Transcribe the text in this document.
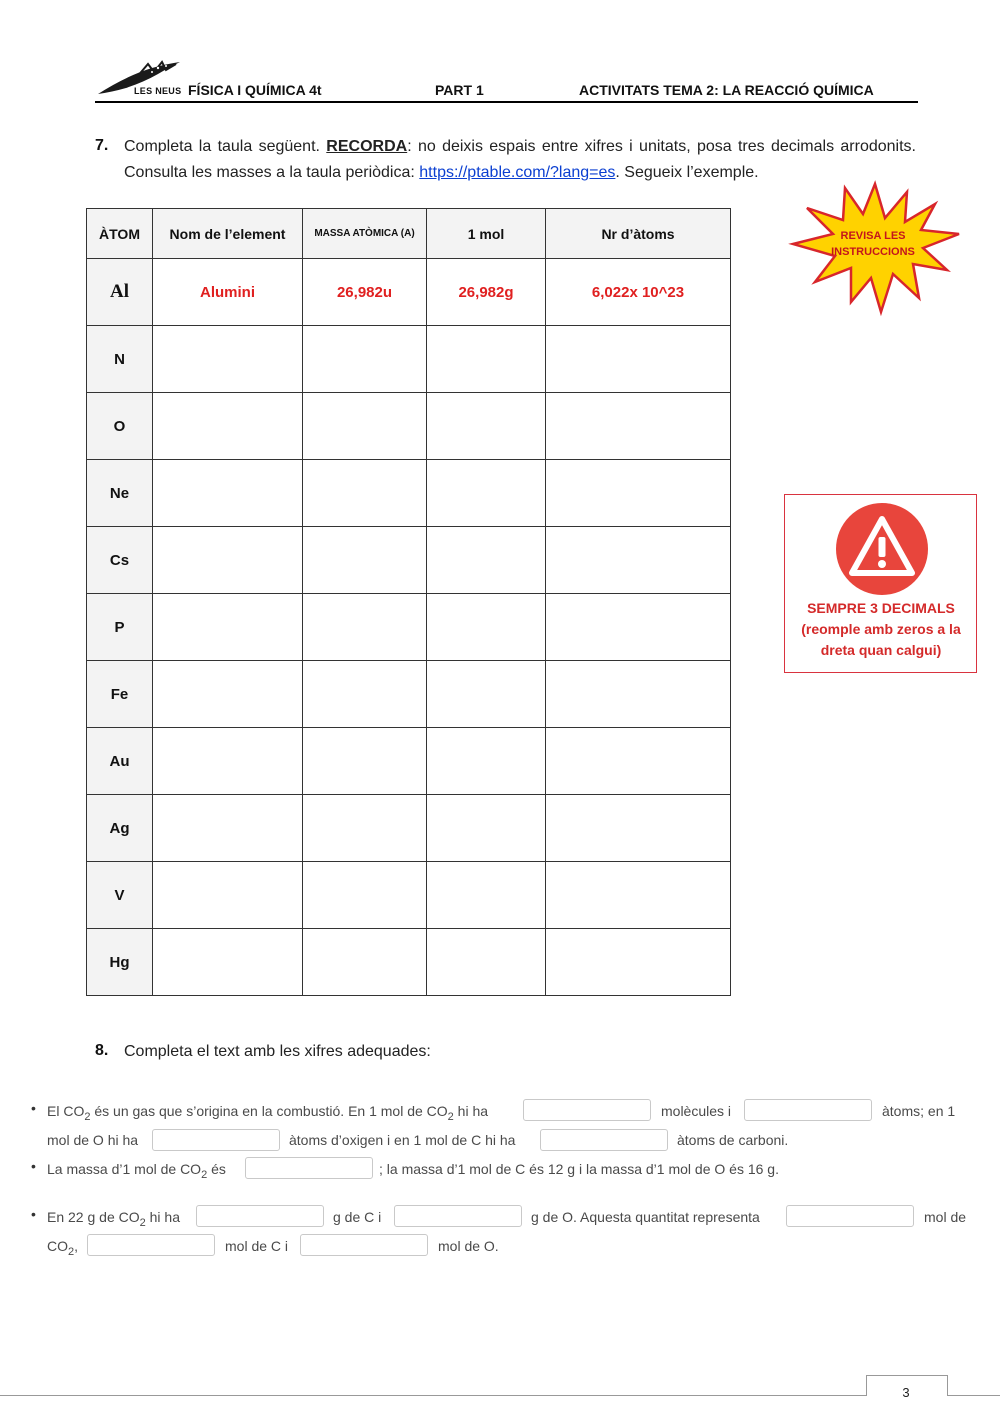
LES NEUS FÍSICA I QUÍMICA 4t	PART 1	ACTIVITATS TEMA 2: LA REACCIÓ QUÍMICA
7. Completa la taula següent. RECORDA: no deixis espais entre xifres i unitats, posa tres decimals arrodonits. Consulta les masses a la taula periòdica: https://ptable.com/?lang=es. Segueix l’exemple.
ÀTOM	Nom de l’element	MASSA ATÒMICA (A)	1 mol	Nr d’àtoms
Al	Alumini	26,982u	26,982g	6,022x 10^23
N				
O				
Ne				
Cs				
P				
Fe				
Au				
Ag				
V				
Hg				
REVISA LES
INSTRUCCIONS
SEMPRE 3 DECIMALS
(reomple amb zeros a la
dreta quan calgui)
8. Completa el text amb les xifres adequades:
• El $CO_2$ és un gas que s’origina en la combustió. En 1 mol de $CO_2$ hi ha	molècules i	àtoms; en 1
mol de O hi ha	àtoms d’oxigen i en 1 mol de C hi ha	àtoms de carboni.
• La massa d’1 mol de $CO_2$ és	; la massa d’1 mol de C és 12 g i la massa d’1 mol de O és 16 g.
• En 22 g de $CO_2$ hi ha	g de C i	g de O. Aquesta quantitat representa	mol de
$CO_2$,	mol de C i	mol de O.
3
